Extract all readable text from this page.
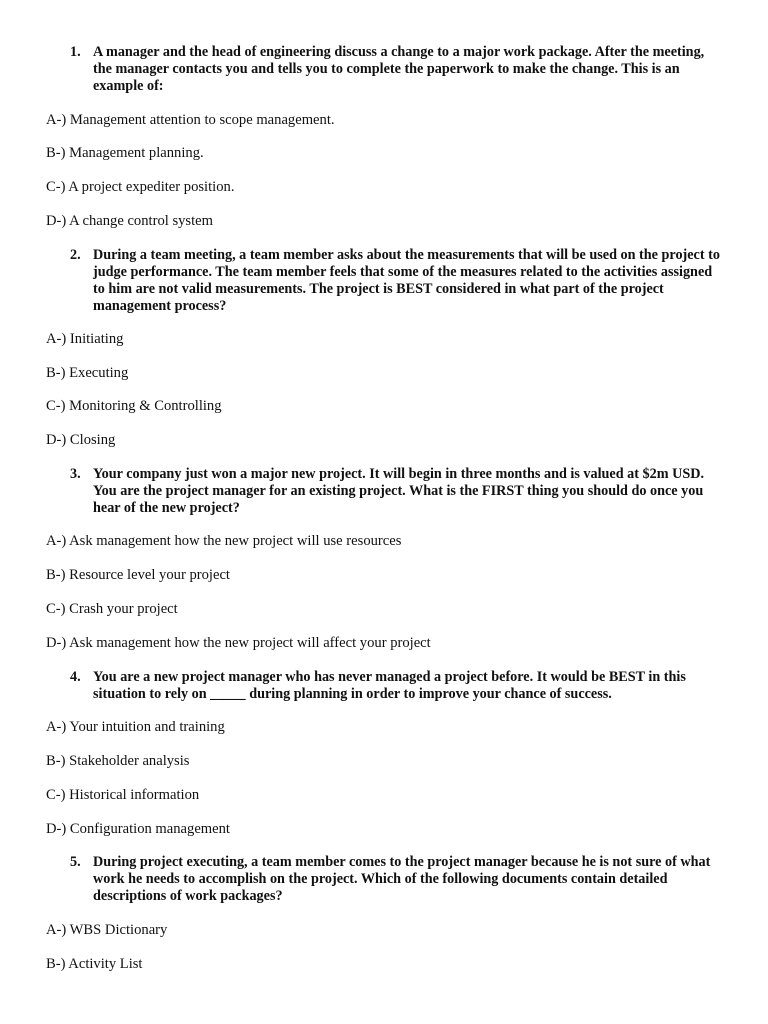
1. A manager and the head of engineering discuss a change to a major work package. After the meeting, the manager contacts you and tells you to complete the paperwork to make the change. This is an example of:
A-) Management attention to scope management.
B-) Management planning.
C-) A project expediter position.
D-) A change control system
2. During a team meeting, a team member asks about the measurements that will be used on the project to judge performance. The team member feels that some of the measures related to the activities assigned to him are not valid measurements. The project is BEST considered in what part of the project management process?
A-) Initiating
B-) Executing
C-) Monitoring & Controlling
D-) Closing
3. Your company just won a major new project. It will begin in three months and is valued at $2m USD. You are the project manager for an existing project. What is the FIRST thing you should do once you hear of the new project?
A-) Ask management how the new project will use resources
B-) Resource level your project
C-) Crash your project
D-) Ask management how the new project will affect your project
4. You are a new project manager who has never managed a project before. It would be BEST in this situation to rely on _____ during planning in order to improve your chance of success.
A-) Your intuition and training
B-) Stakeholder analysis
C-) Historical information
D-) Configuration management
5. During project executing, a team member comes to the project manager because he is not sure of what work he needs to accomplish on the project. Which of the following documents contain detailed descriptions of work packages?
A-) WBS Dictionary
B-) Activity List
